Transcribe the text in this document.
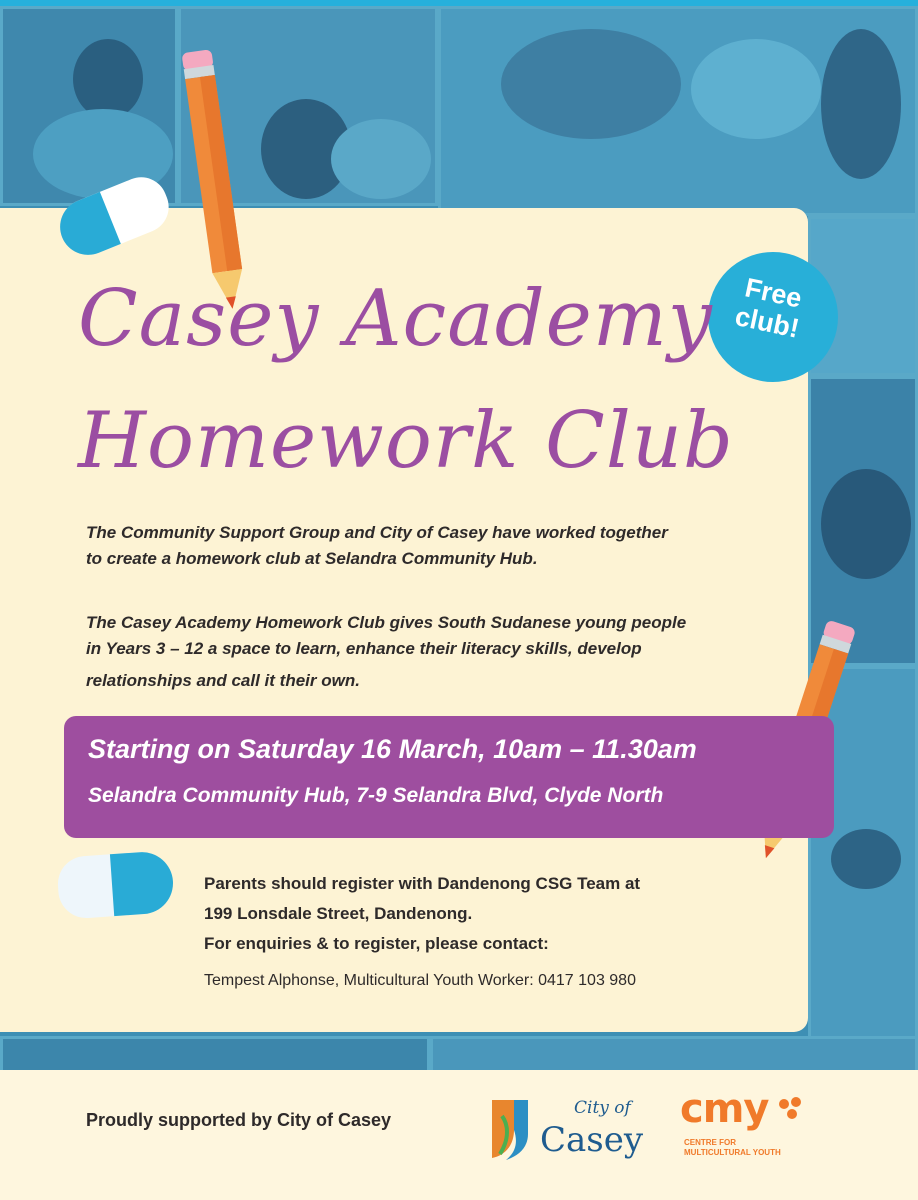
Free
club!
Casey Academy
Homework Club
The Community Support Group and City of Casey have worked together
to create a homework club at Selandra Community Hub.
The Casey Academy Homework Club gives South Sudanese young people
in Years 3 – 12 a space to learn, enhance their literacy skills, develop
relationships and call it their own.
Starting on Saturday 16 March, 10am – 11.30am
Selandra Community Hub, 7-9 Selandra Blvd, Clyde North
Parents should register with Dandenong CSG Team at
199 Lonsdale Street, Dandenong.
For enquiries & to register, please contact:
Tempest Alphonse, Multicultural Youth Worker: 0417 103 980
Proudly supported by City of Casey
City of
Casey
cmy
CENTRE FOR
MULTICULTURAL YOUTH
